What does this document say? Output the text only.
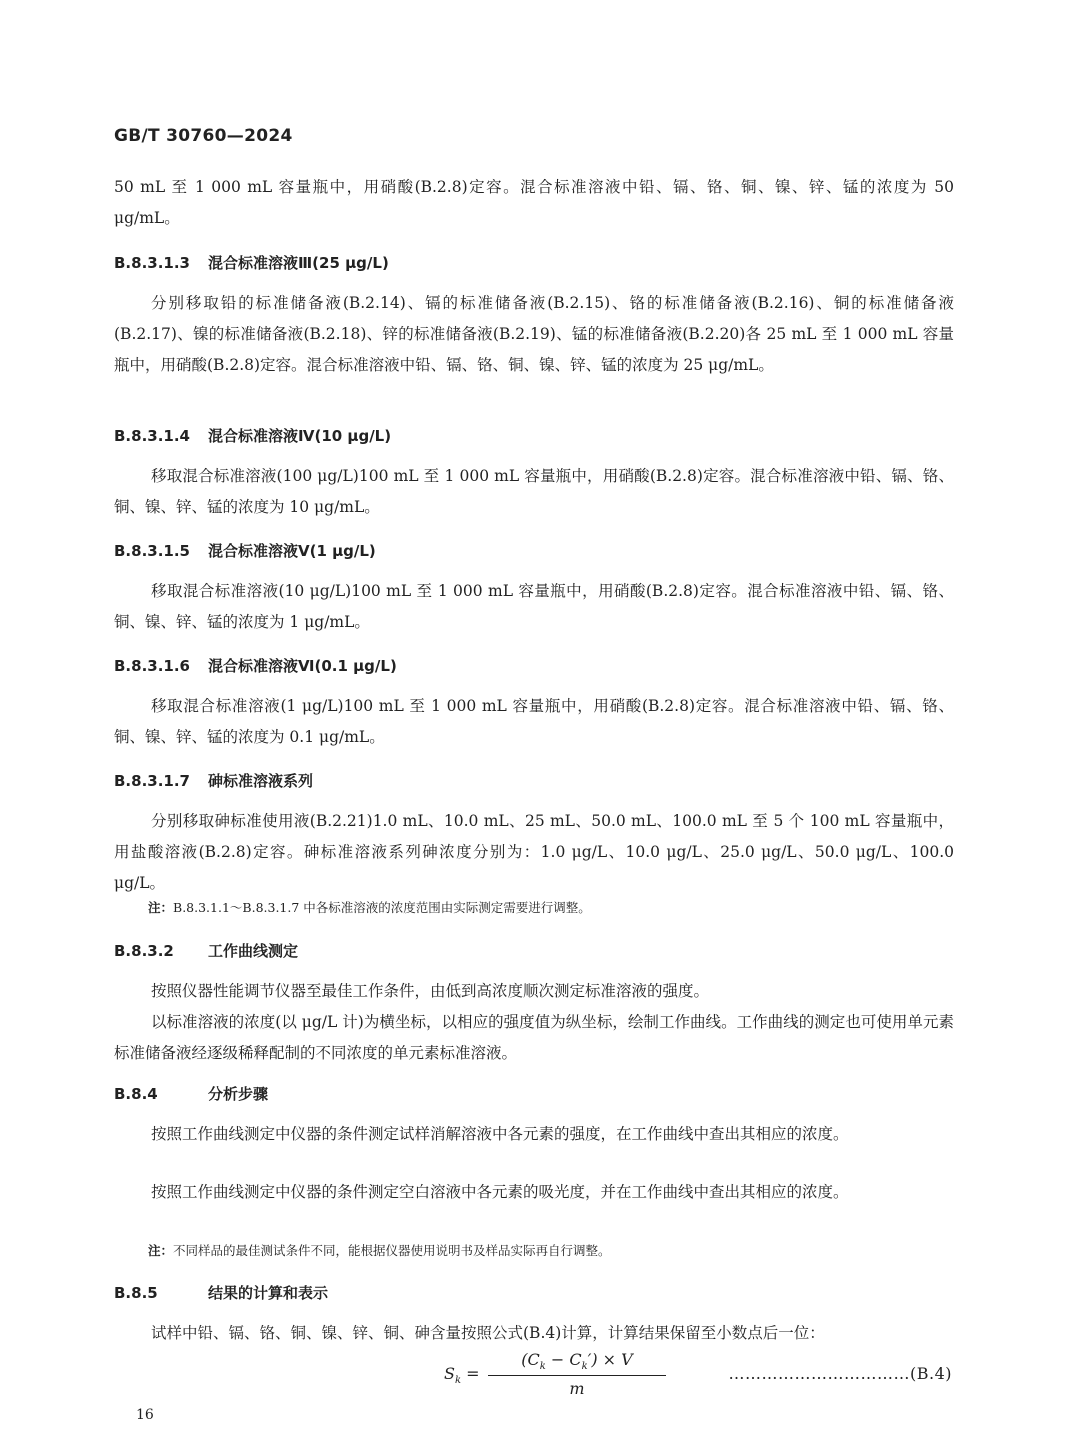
GB/T 30760—2024

50 mL 至 1 000 mL 容量瓶中，用硝酸(B.2.8)定容。混合标准溶液中铅、镉、铬、铜、镍、锌、锰的浓度为 50 μg/mL。

B.8.3.1.3 混合标准溶液Ⅲ(25 μg/L)

分别移取铅的标准储备液(B.2.14)、镉的标准储备液(B.2.15)、铬的标准储备液(B.2.16)、铜的标准储备液(B.2.17)、镍的标准储备液(B.2.18)、锌的标准储备液(B.2.19)、锰的标准储备液(B.2.20)各 25 mL 至 1 000 mL 容量瓶中，用硝酸(B.2.8)定容。混合标准溶液中铅、镉、铬、铜、镍、锌、锰的浓度为 25 μg/mL。

B.8.3.1.4 混合标准溶液Ⅳ(10 μg/L)

移取混合标准溶液(100 μg/L)100 mL 至 1 000 mL 容量瓶中，用硝酸(B.2.8)定容。混合标准溶液中铅、镉、铬、铜、镍、锌、锰的浓度为 10 μg/mL。

B.8.3.1.5 混合标准溶液Ⅴ(1 μg/L)

移取混合标准溶液(10 μg/L)100 mL 至 1 000 mL 容量瓶中，用硝酸(B.2.8)定容。混合标准溶液中铅、镉、铬、铜、镍、锌、锰的浓度为 1 μg/mL。

B.8.3.1.6 混合标准溶液Ⅵ(0.1 μg/L)

移取混合标准溶液(1 μg/L)100 mL 至 1 000 mL 容量瓶中，用硝酸(B.2.8)定容。混合标准溶液中铅、镉、铬、铜、镍、锌、锰的浓度为 0.1 μg/mL。

B.8.3.1.7 砷标准溶液系列

分别移取砷标准使用液(B.2.21)1.0 mL、10.0 mL、25 mL、50.0 mL、100.0 mL 至 5 个 100 mL 容量瓶中，用盐酸溶液(B.2.8)定容。砷标准溶液系列砷浓度分别为：1.0 μg/L、10.0 μg/L、25.0 μg/L、50.0 μg/L、100.0 μg/L。

注：B.8.3.1.1～B.8.3.1.7 中各标准溶液的浓度范围由实际测定需要进行调整。
B.8.3.2 工作曲线测定

按照仪器性能调节仪器至最佳工作条件，由低到高浓度顺次测定标准溶液的强度。

以标准溶液的浓度(以 μg/L 计)为横坐标，以相应的强度值为纵坐标，绘制工作曲线。工作曲线的测定也可使用单元素标准储备液经逐级稀释配制的不同浓度的单元素标准溶液。

B.8.4	分析步骤

按照工作曲线测定中仪器的条件测定试样消解溶液中各元素的强度，在工作曲线中查出其相应的浓度。

按照工作曲线测定中仪器的条件测定空白溶液中各元素的吸光度，并在工作曲线中查出其相应的浓度。

注：不同样品的最佳测试条件不同，能根据仪器使用说明书及样品实际再自行调整。
B.8.5	结果的计算和表示

试样中铅、镉、铬、铜、镍、锌、铜、砷含量按照公式(B.4)计算，计算结果保留至小数点后一位：

$S_k = \frac{(C_k - C_k') \times V}{m}$	……………………………(B.4)
16
